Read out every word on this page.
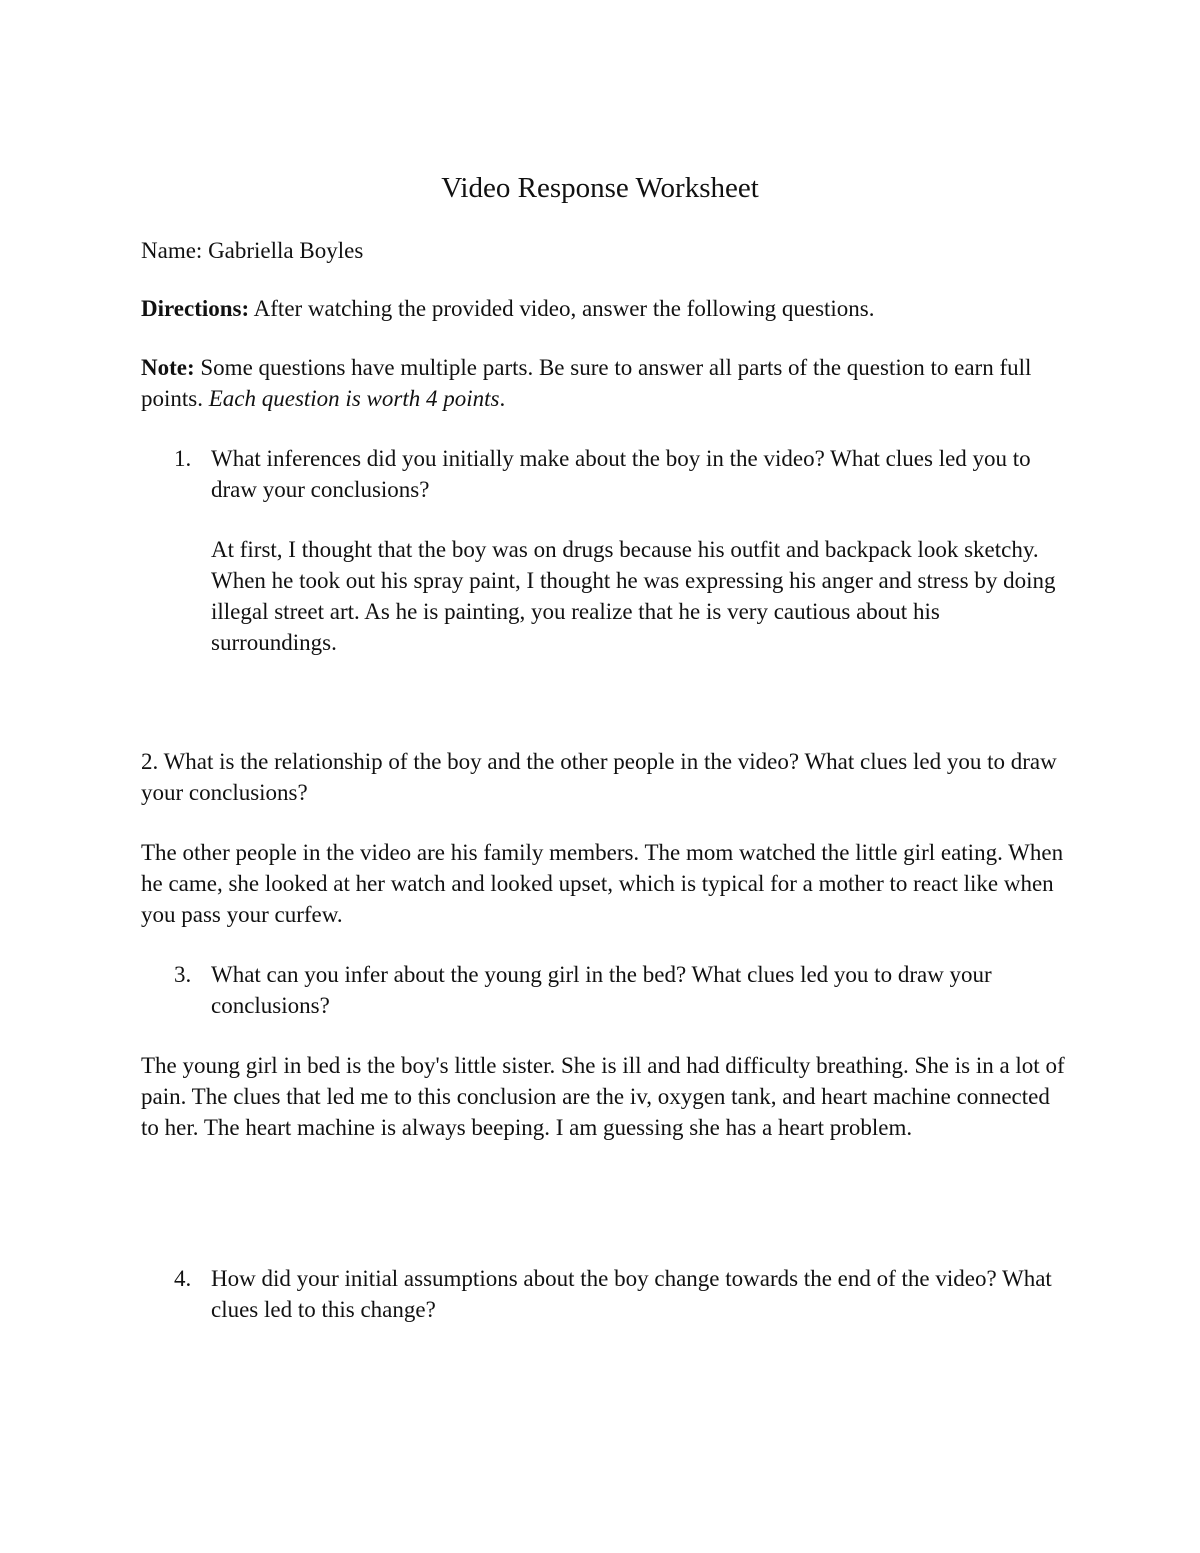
Video Response Worksheet

Name: Gabriella Boyles

Directions: After watching the provided video, answer the following questions.

Note: Some questions have multiple parts. Be sure to answer all parts of the question to earn full points. Each question is worth 4 points.

1. What inferences did you initially make about the boy in the video? What clues led you to draw your conclusions?

At first, I thought that the boy was on drugs because his outfit and backpack look sketchy. When he took out his spray paint, I thought he was expressing his anger and stress by doing illegal street art. As he is painting, you realize that he is very cautious about his surroundings.

2. What is the relationship of the boy and the other people in the video? What clues led you to draw your conclusions?

The other people in the video are his family members. The mom watched the little girl eating. When he came, she looked at her watch and looked upset, which is typical for a mother to react like when you pass your curfew.

3. What can you infer about the young girl in the bed? What clues led you to draw your conclusions?

The young girl in bed is the boy's little sister. She is ill and had difficulty breathing. She is in a lot of pain. The clues that led me to this conclusion are the iv, oxygen tank, and heart machine connected to her. The heart machine is always beeping. I am guessing she has a heart problem.

4. How did your initial assumptions about the boy change towards the end of the video? What clues led to this change?
